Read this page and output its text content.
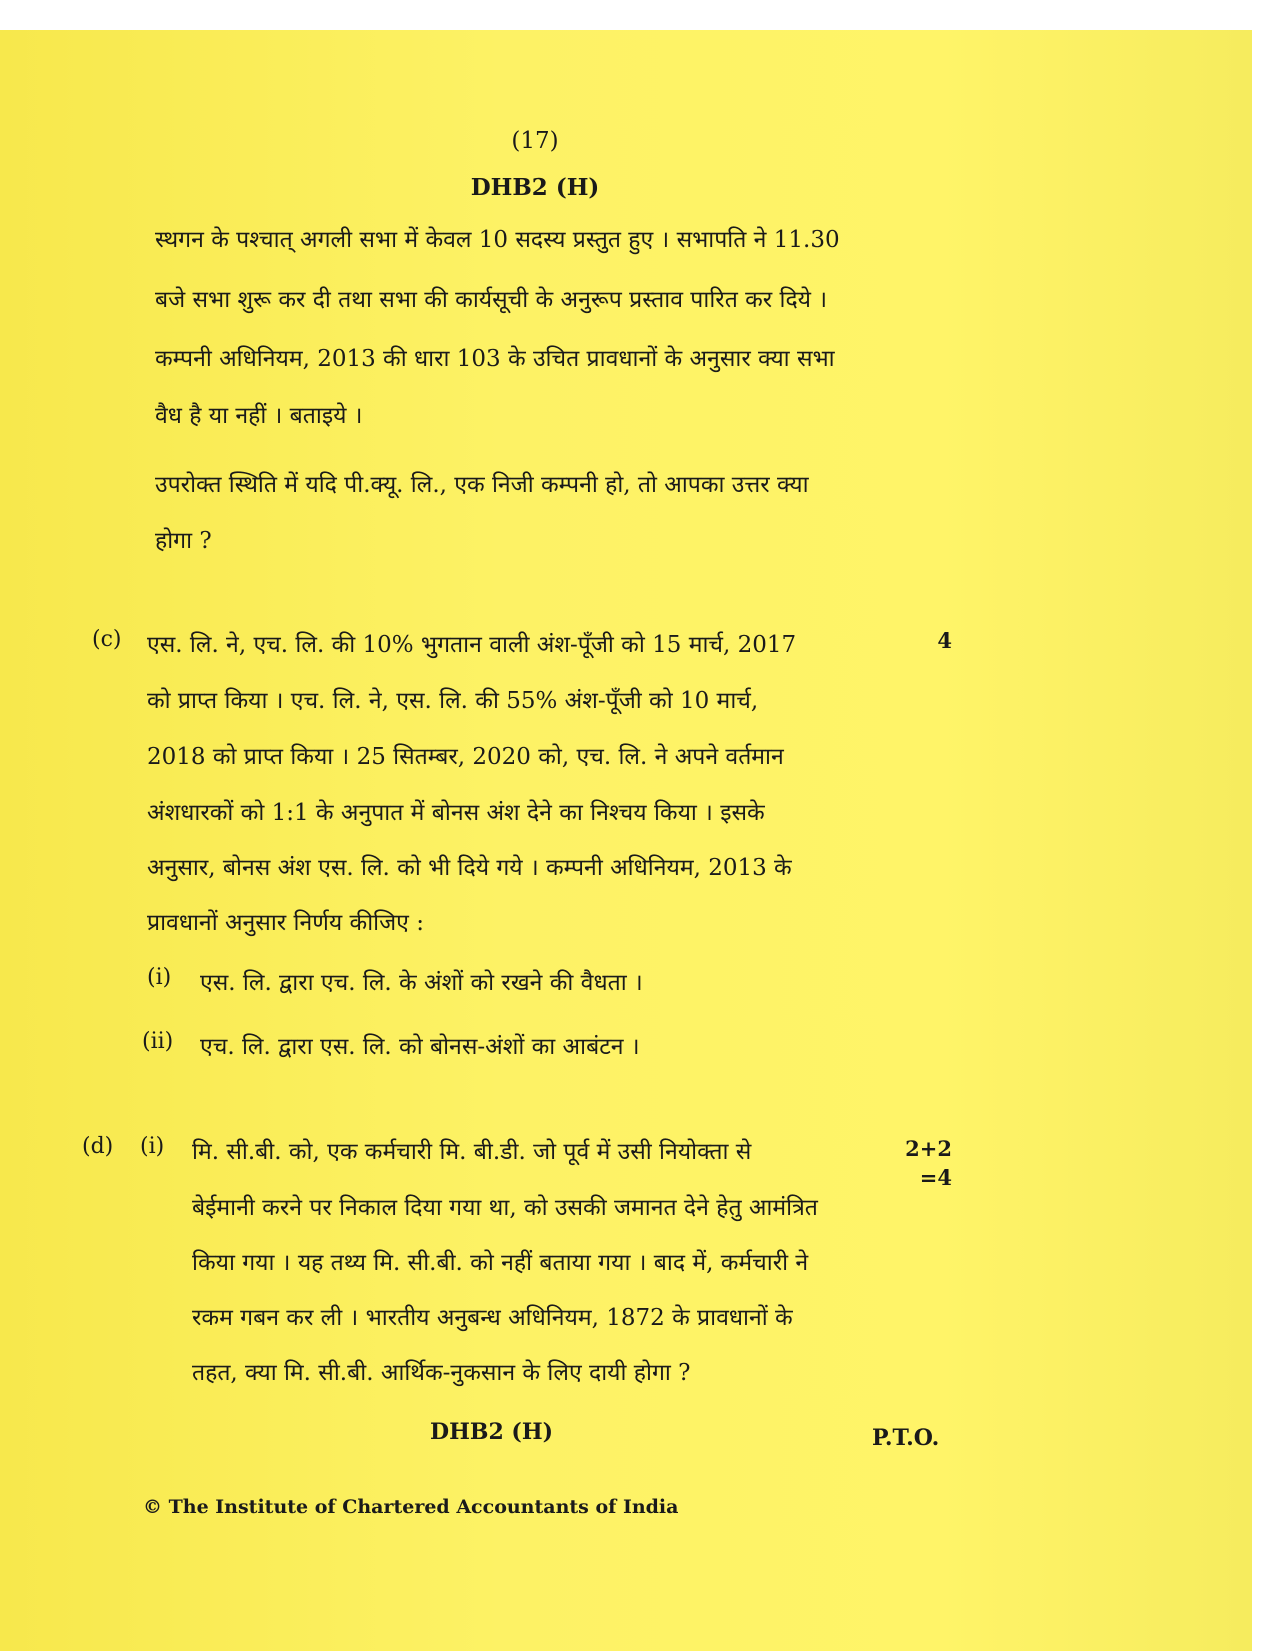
(17)
DHB2 (H)
स्थगन के पश्चात् अगली सभा में केवल 10 सदस्य प्रस्तुत हुए । सभापति ने 11.30
बजे सभा शुरू कर दी तथा सभा की कार्यसूची के अनुरूप प्रस्ताव पारित कर दिये ।
कम्पनी अधिनियम, 2013 की धारा 103 के उचित प्रावधानों के अनुसार क्या सभा
वैध है या नहीं । बताइये ।
उपरोक्त स्थिति में यदि पी.क्यू. लि., एक निजी कम्पनी हो, तो आपका उत्तर क्या
होगा ?
(c)	4
एस. लि. ने, एच. लि. की 10% भुगतान वाली अंश-पूँजी को 15 मार्च, 2017
को प्राप्त किया । एच. लि. ने, एस. लि. की 55% अंश-पूँजी को 10 मार्च,
2018 को प्राप्त किया । 25 सितम्बर, 2020 को, एच. लि. ने अपने वर्तमान
अंशधारकों को 1:1 के अनुपात में बोनस अंश देने का निश्चय किया । इसके
अनुसार, बोनस अंश एस. लि. को भी दिये गये । कम्पनी अधिनियम, 2013 के
प्रावधानों अनुसार निर्णय कीजिए :
(i) एस. लि. द्वारा एच. लि. के अंशों को रखने की वैधता ।
(ii) एच. लि. द्वारा एस. लि. को बोनस-अंशों का आबंटन ।
(d) (i)	2+2
=4
मि. सी.बी. को, एक कर्मचारी मि. बी.डी. जो पूर्व में उसी नियोक्ता से
बेईमानी करने पर निकाल दिया गया था, को उसकी जमानत देने हेतु आमंत्रित
किया गया । यह तथ्य मि. सी.बी. को नहीं बताया गया । बाद में, कर्मचारी ने
रकम गबन कर ली । भारतीय अनुबन्ध अधिनियम, 1872 के प्रावधानों के
तहत, क्या मि. सी.बी. आर्थिक-नुकसान के लिए दायी होगा ?
DHB2 (H)	P.T.O.
© The Institute of Chartered Accountants of India
